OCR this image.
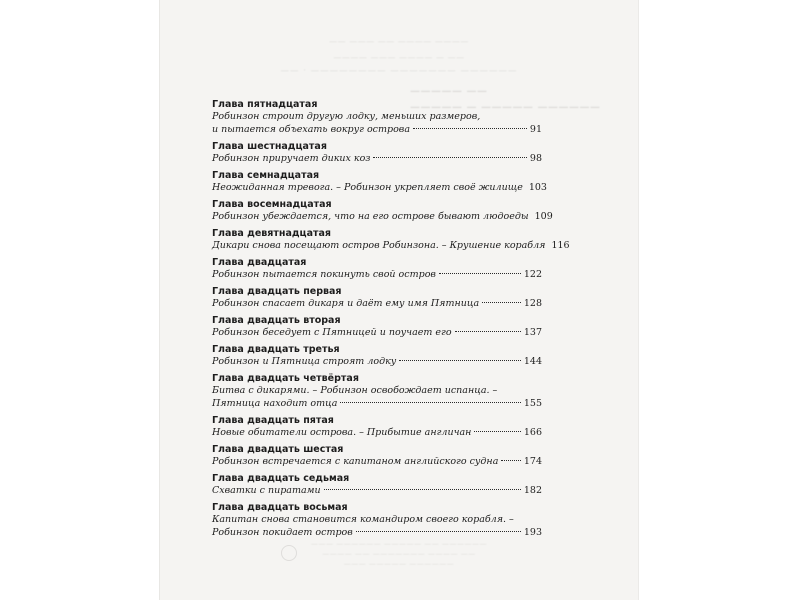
—— ——— —— ———— ————
———— ——— ———— — ——
—— · ———————— ——————— ——————
————— ——
————— — ————— ——————
——— —————— ————— —— ——————
———— —— ——————— ———— ——
——— ————— ——————
Глава пятнадцатая
Робинзон строит другую лодку, меньших размеров,
и пытается объехать вокруг острова	91
Глава шестнадцатая
Робинзон приручает диких коз	98
Глава семнадцатая
Неожиданная тревога. – Робинзон укрепляет своё жилище 103
Глава восемнадцатая
Робинзон убеждается, что на его острове бывают людоеды 109
Глава девятнадцатая
Дикари снова посещают остров Робинзона. – Крушение корабля 116
Глава двадцатая
Робинзон пытается покинуть свой остров	122
Глава двадцать первая
Робинзон спасает дикаря и даёт ему имя Пятница	128
Глава двадцать вторая
Робинзон беседует с Пятницей и поучает его	137
Глава двадцать третья
Робинзон и Пятница строят лодку	144
Глава двадцать четвёртая
Битва с дикарями. – Робинзон освобождает испанца. –
Пятница находит отца	155
Глава двадцать пятая
Новые обитатели острова. – Прибытие англичан	166
Глава двадцать шестая
Робинзон встречается с капитаном английского судна	174
Глава двадцать седьмая
Схватки с пиратами	182
Глава двадцать восьмая
Капитан снова становится командиром своего корабля. –
Робинзон покидает остров	193
